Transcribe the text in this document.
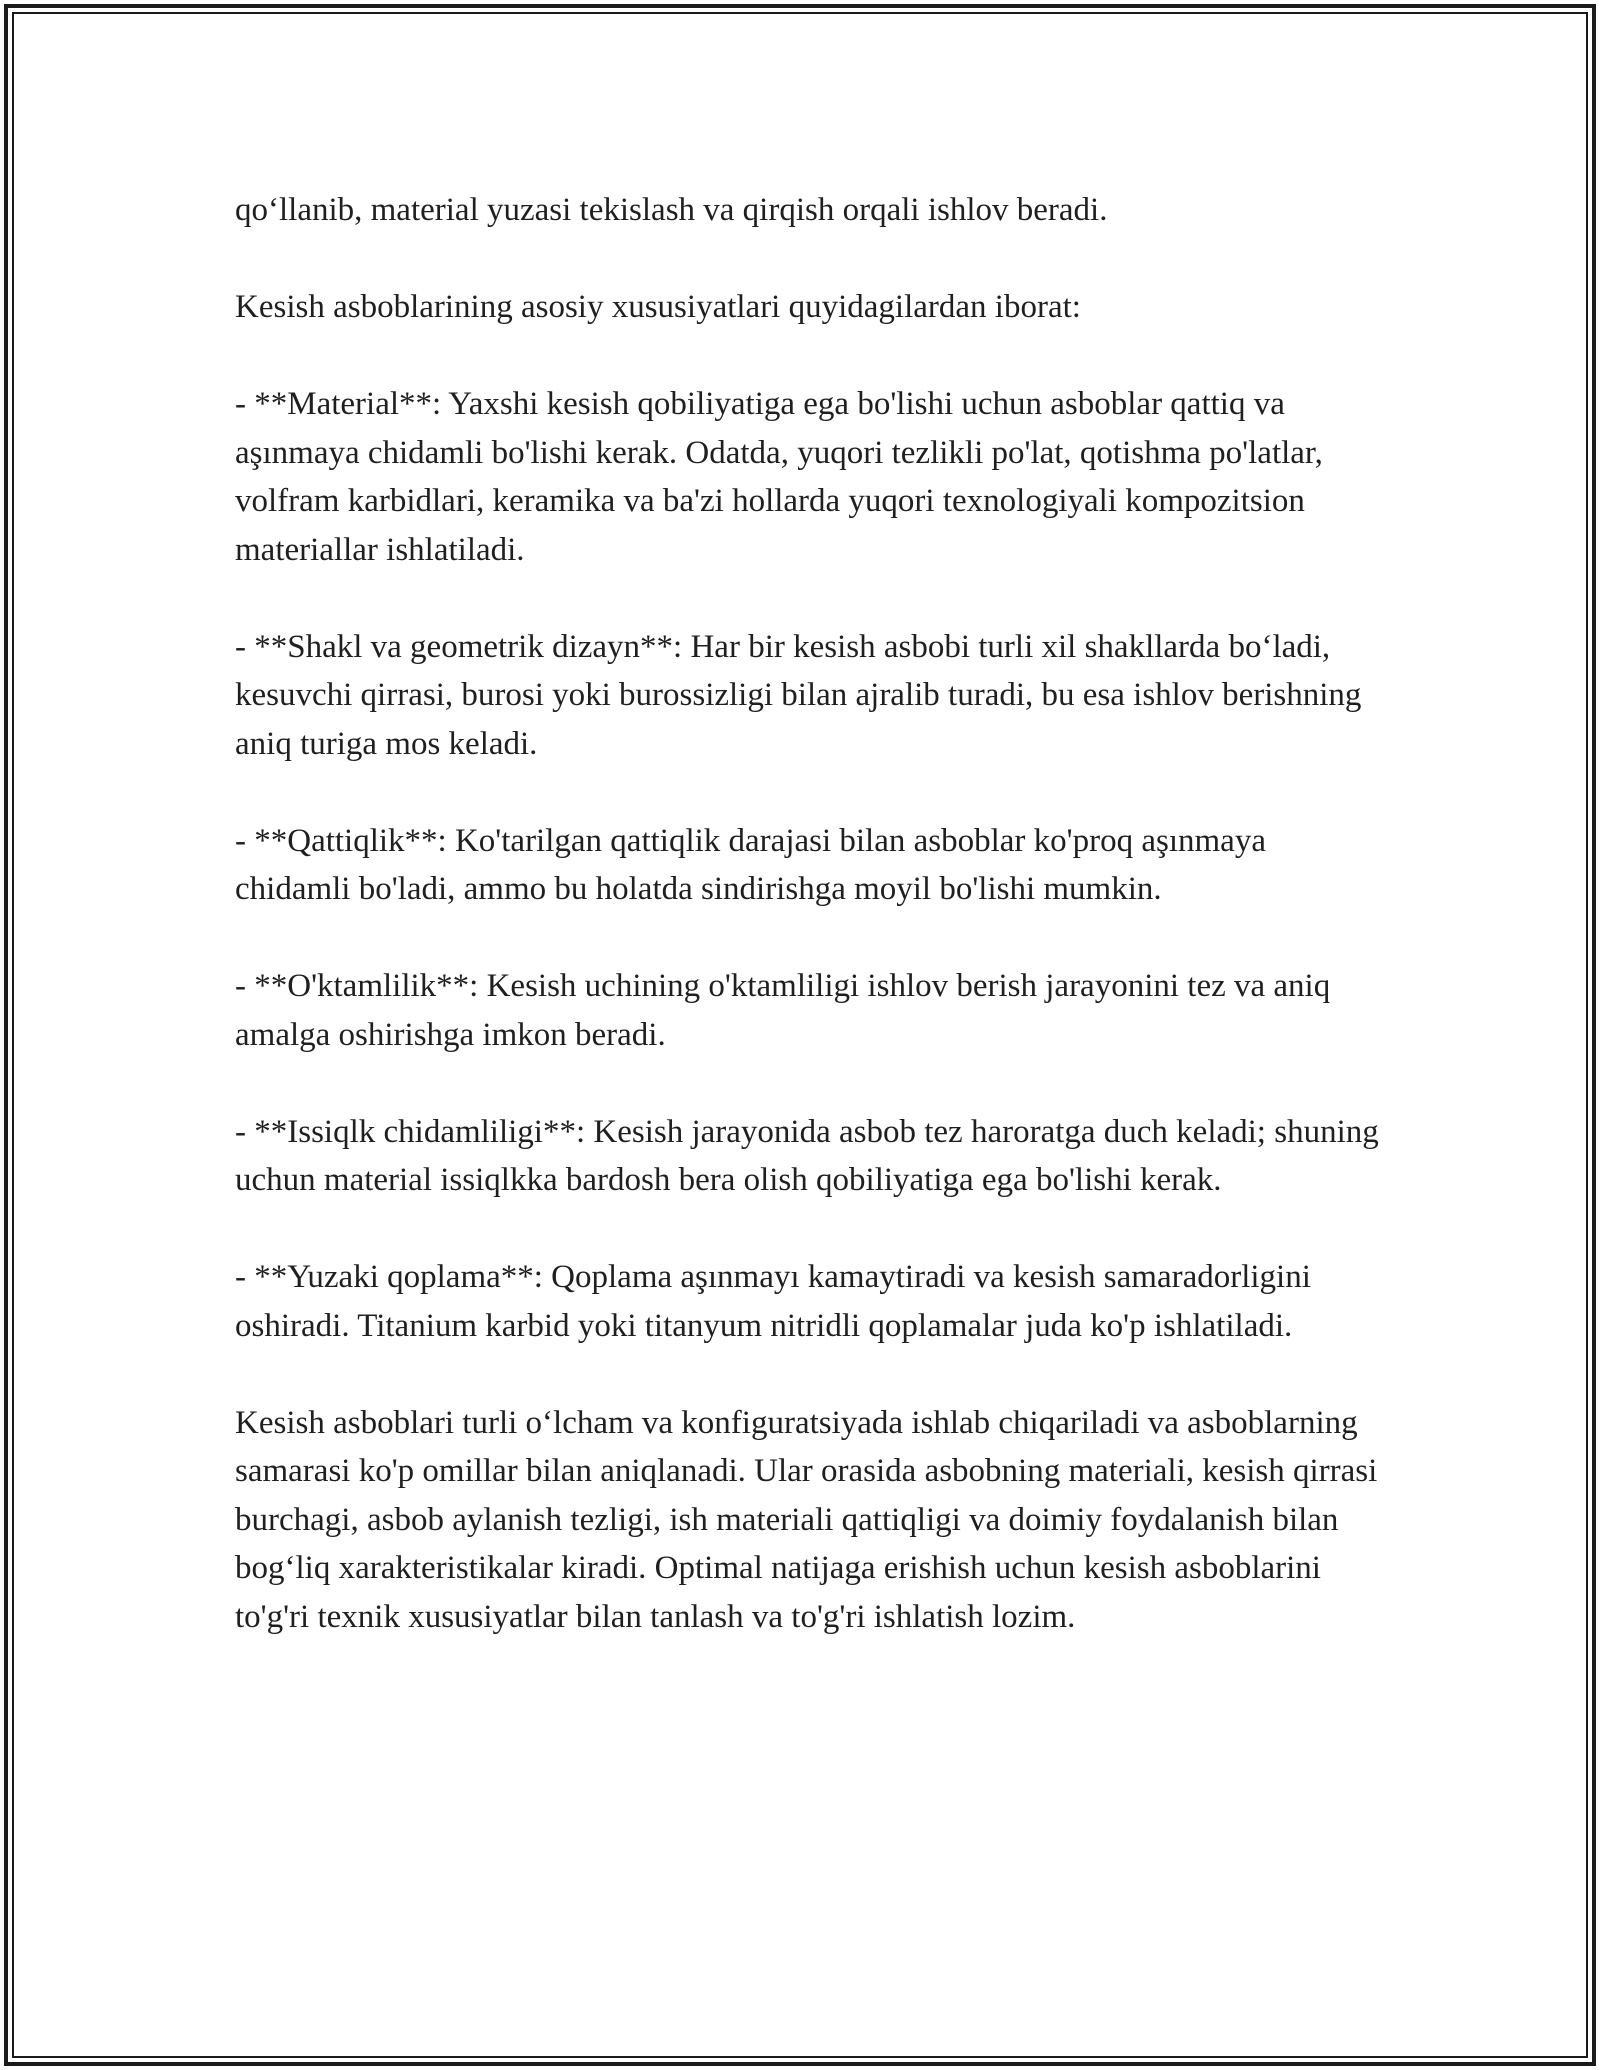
qo‘llanib, material yuzasi tekislash va qirqish orqali ishlov beradi.

Kesish asboblarining asosiy xususiyatlari quyidagilardan iborat:

- **Material**: Yaxshi kesish qobiliyatiga ega bo'lishi uchun asboblar qattiq va aşınmaya chidamli bo'lishi kerak. Odatda, yuqori tezlikli po'lat, qotishma po'latlar, volfram karbidlari, keramika va ba'zi hollarda yuqori texnologiyali kompozitsion materiallar ishlatiladi.

- **Shakl va geometrik dizayn**: Har bir kesish asbobi turli xil shakllarda bo‘ladi, kesuvchi qirrasi, burosi yoki burossizligi bilan ajralib turadi, bu esa ishlov berishning aniq turiga mos keladi.

- **Qattiqlik**: Ko'tarilgan qattiqlik darajasi bilan asboblar ko'proq aşınmaya chidamli bo'ladi, ammo bu holatda sindirishga moyil bo'lishi mumkin.

- **O'ktamlilik**: Kesish uchining o'ktamliligi ishlov berish jarayonini tez va aniq amalga oshirishga imkon beradi.

- **Issiqlk chidamliligi**: Kesish jarayonida asbob tez haroratga duch keladi; shuning uchun material issiqlkka bardosh bera olish qobiliyatiga ega bo'lishi kerak.

- **Yuzaki qoplama**: Qoplama aşınmayı kamaytiradi va kesish samaradorligini oshiradi. Titanium karbid yoki titanyum nitridli qoplamalar juda ko'p ishlatiladi.

Kesish asboblari turli o‘lcham va konfiguratsiyada ishlab chiqariladi va asboblarning samarasi ko'p omillar bilan aniqlanadi. Ular orasida asbobning materiali, kesish qirrasi burchagi, asbob aylanish tezligi, ish materiali qattiqligi va doimiy foydalanish bilan bog‘liq xarakteristikalar kiradi. Optimal natijaga erishish uchun kesish asboblarini to'g'ri texnik xususiyatlar bilan tanlash va to'g'ri ishlatish lozim.
